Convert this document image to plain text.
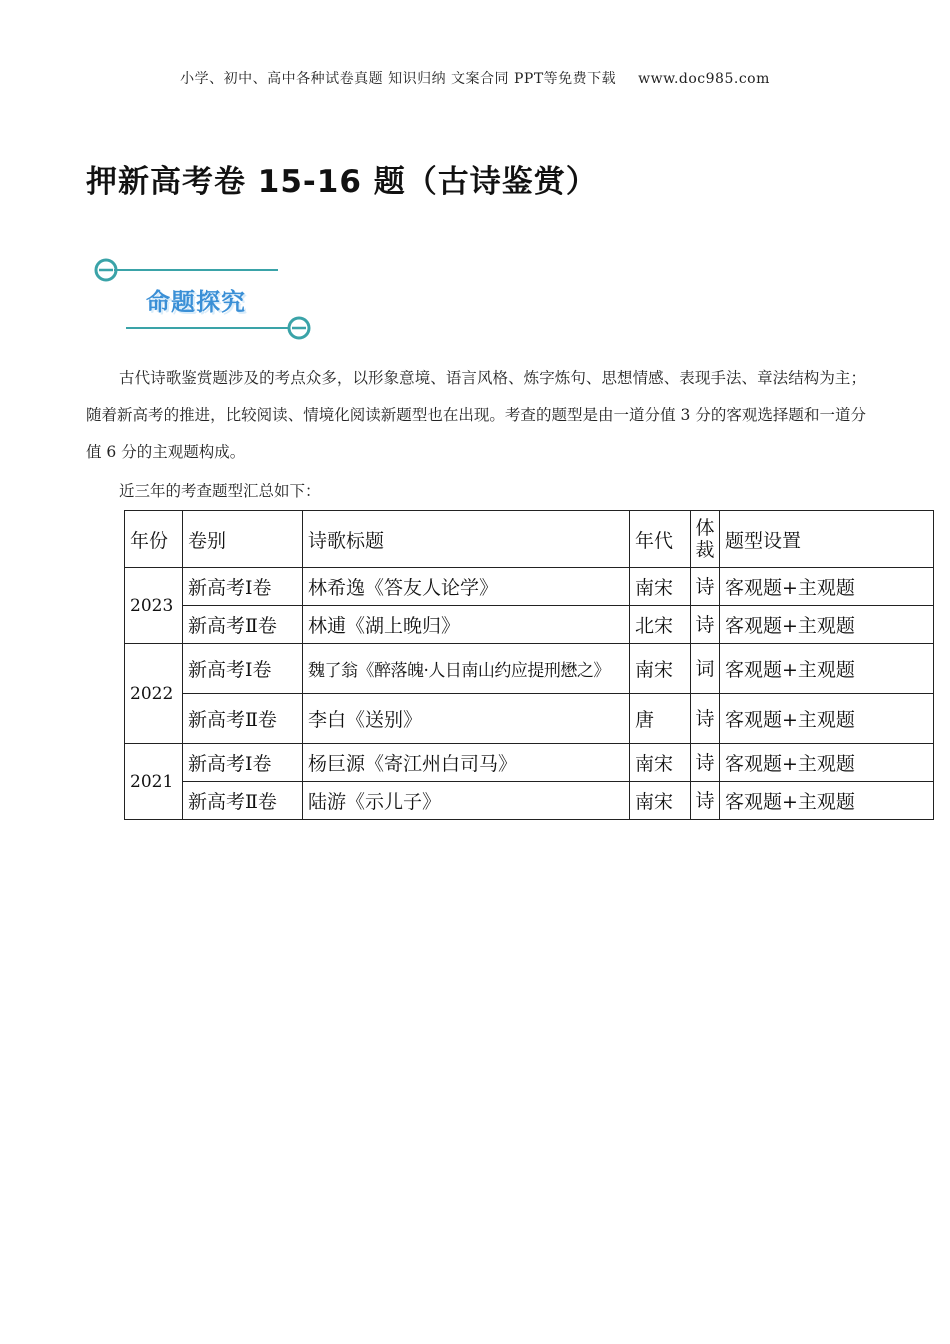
小学、初中、高中各种试卷真题 知识归纳 文案合同 PPT等免费下载 www.doc985.com
押新高考卷 15-16 题（古诗鉴赏）
命题探究
古代诗歌鉴赏题涉及的考点众多，以形象意境、语言风格、炼字炼句、思想情感、表现手法、章法结构为主；随着新高考的推进，比较阅读、情境化阅读新题型也在出现。考查的题型是由一道分值 3 分的客观选择题和一道分值 6 分的主观题构成。
近三年的考查题型汇总如下：
年份	卷别	诗歌标题	年代	体裁	题型设置
2023	新高考Ⅰ卷	林希逸《答友人论学》	南宋	诗	客观题+主观题
	新高考Ⅱ卷	林逋《湖上晚归》	北宋	诗	客观题+主观题
2022	新高考Ⅰ卷	魏了翁《醉落魄·人日南山约应提刑懋之》	南宋	词	客观题+主观题
	新高考Ⅱ卷	李白《送别》	唐	诗	客观题+主观题
2021	新高考Ⅰ卷	杨巨源《寄江州白司马》	南宋	诗	客观题+主观题
	新高考Ⅱ卷	陆游《示儿子》	南宋	诗	客观题+主观题
